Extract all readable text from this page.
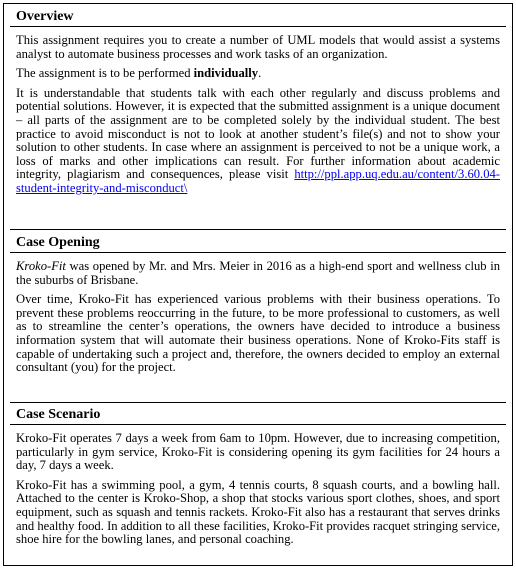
Overview

This assignment requires you to create a number of UML models that would assist a systems analyst to automate business processes and work tasks of an organization.

The assignment is to be performed individually.

It is understandable that students talk with each other regularly and discuss problems and potential solutions. However, it is expected that the submitted assignment is a unique document – all parts of the assignment are to be completed solely by the individual student. The best practice to avoid misconduct is not to look at another student’s file(s) and not to show your solution to other students. In case where an assignment is perceived to not be a unique work, a loss of marks and other implications can result. For further information about academic integrity, plagiarism and consequences, please visit http://ppl.app.uq.edu.au/content/3.60.04- student-integrity-and-misconduct\

Case Opening

Kroko-Fit was opened by Mr. and Mrs. Meier in 2016 as a high-end sport and wellness club in the suburbs of Brisbane.

Over time, Kroko-Fit has experienced various problems with their business operations. To prevent these problems reoccurring in the future, to be more professional to customers, as well as to streamline the center’s operations, the owners have decided to introduce a business information system that will automate their business operations. None of Kroko-Fits staff is capable of undertaking such a project and, therefore, the owners decided to employ an external consultant (you) for the project.

Case Scenario

Kroko-Fit operates 7 days a week from 6am to 10pm. However, due to increasing competition, particularly in gym service, Kroko-Fit is considering opening its gym facilities for 24 hours a day, 7 days a week.

Kroko-Fit has a swimming pool, a gym, 4 tennis courts, 8 squash courts, and a bowling hall. Attached to the center is Kroko-Shop, a shop that stocks various sport clothes, shoes, and sport equipment, such as squash and tennis rackets. Kroko-Fit also has a restaurant that serves drinks and healthy food. In addition to all these facilities, Kroko-Fit provides racquet stringing service, shoe hire for the bowling lanes, and personal coaching.
